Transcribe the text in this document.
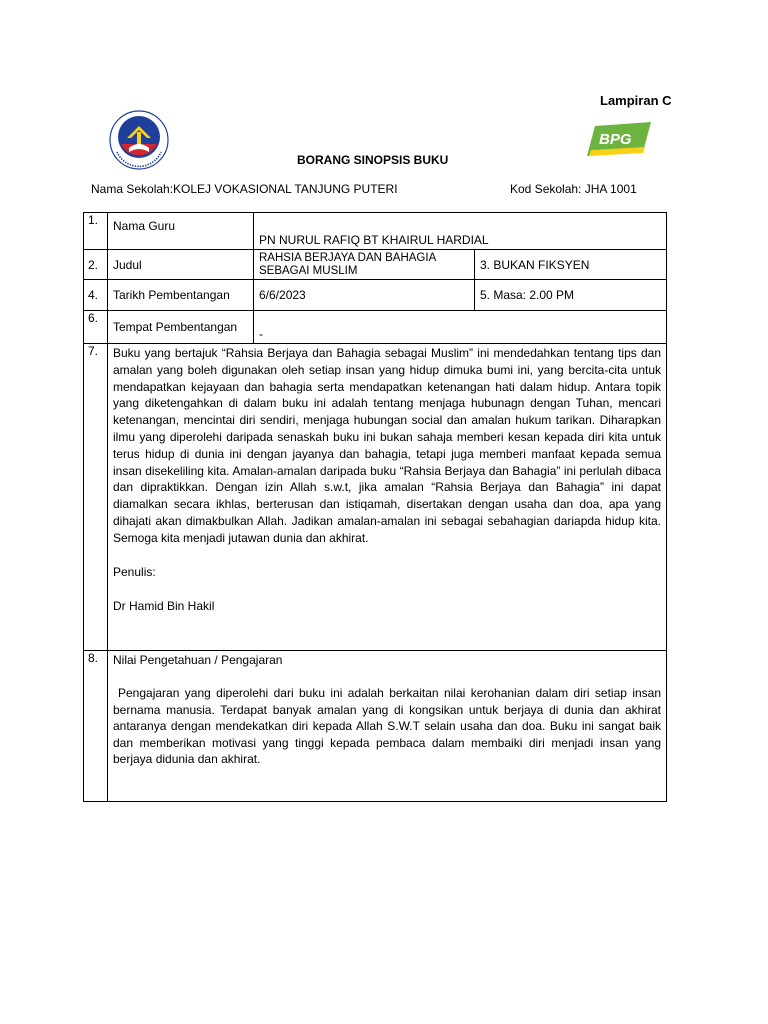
Lampiran C
BPG
BORANG SINOPSIS BUKU
Nama Sekolah:KOLEJ VOKASIONAL TANJUNG PUTERI	Kod Sekolah: JHA 1001
1.	Nama Guru	PN NURUL RAFIQ BT KHAIRUL HARDIAL	
2.	Judul	RAHSIA BERJAYA DAN BAHAGIA SEBAGAI MUSLIM	3. BUKAN FIKSYEN
4.	Tarikh Pembentangan	6/6/2023	5. Masa: 2.00 PM
6.	Tempat Pembentangan	-	
7.	Buku yang bertajuk “Rahsia Berjaya dan Bahagia sebagai Muslim” ini mendedahkan tentang tips dan amalan yang boleh digunakan oleh setiap insan yang hidup dimuka bumi ini, yang bercita-cita untuk mendapatkan kejayaan dan bahagia serta mendapatkan ketenangan hati dalam hidup. Antara topik yang diketengahkan di dalam buku ini adalah tentang menjaga hubunagn dengan Tuhan, mencari ketenangan, mencintai diri sendiri, menjaga hubungan social dan amalan hukum tarikan. Diharapkan ilmu yang diperolehi daripada senaskah buku ini bukan sahaja memberi kesan kepada diri kita untuk terus hidup di dunia ini dengan jayanya dan bahagia, tetapi juga memberi manfaat kepada semua insan disekeliling kita. Amalan-amalan daripada buku “Rahsia Berjaya dan Bahagia” ini perlulah dibaca dan dipraktikkan. Dengan izin Allah s.w.t, jika amalan “Rahsia Berjaya dan Bahagia” ini dapat diamalkan secara ikhlas, berterusan dan istiqamah, disertakan dengan usaha dan doa, apa yang dihajati akan dimakbulkan Allah. Jadikan amalan-amalan ini sebagai sebahagian dariapda hidup kita. Semoga kita menjadi jutawan dunia dan akhirat.

Penulis:
Dr Hamid Bin Hakil		

8.	Nilai Pengetahuan / Pengajaran

Pengajaran yang diperolehi dari buku ini adalah berkaitan nilai kerohanian dalam diri setiap insan bernama manusia. Terdapat banyak amalan yang di kongsikan untuk berjaya di dunia dan akhirat antaranya dengan mendekatkan diri kepada Allah S.W.T selain usaha dan doa. Buku ini sangat baik dan memberikan motivasi yang tinggi kepada pembaca dalam membaiki diri menjadi insan yang berjaya didunia dan akhirat.		
